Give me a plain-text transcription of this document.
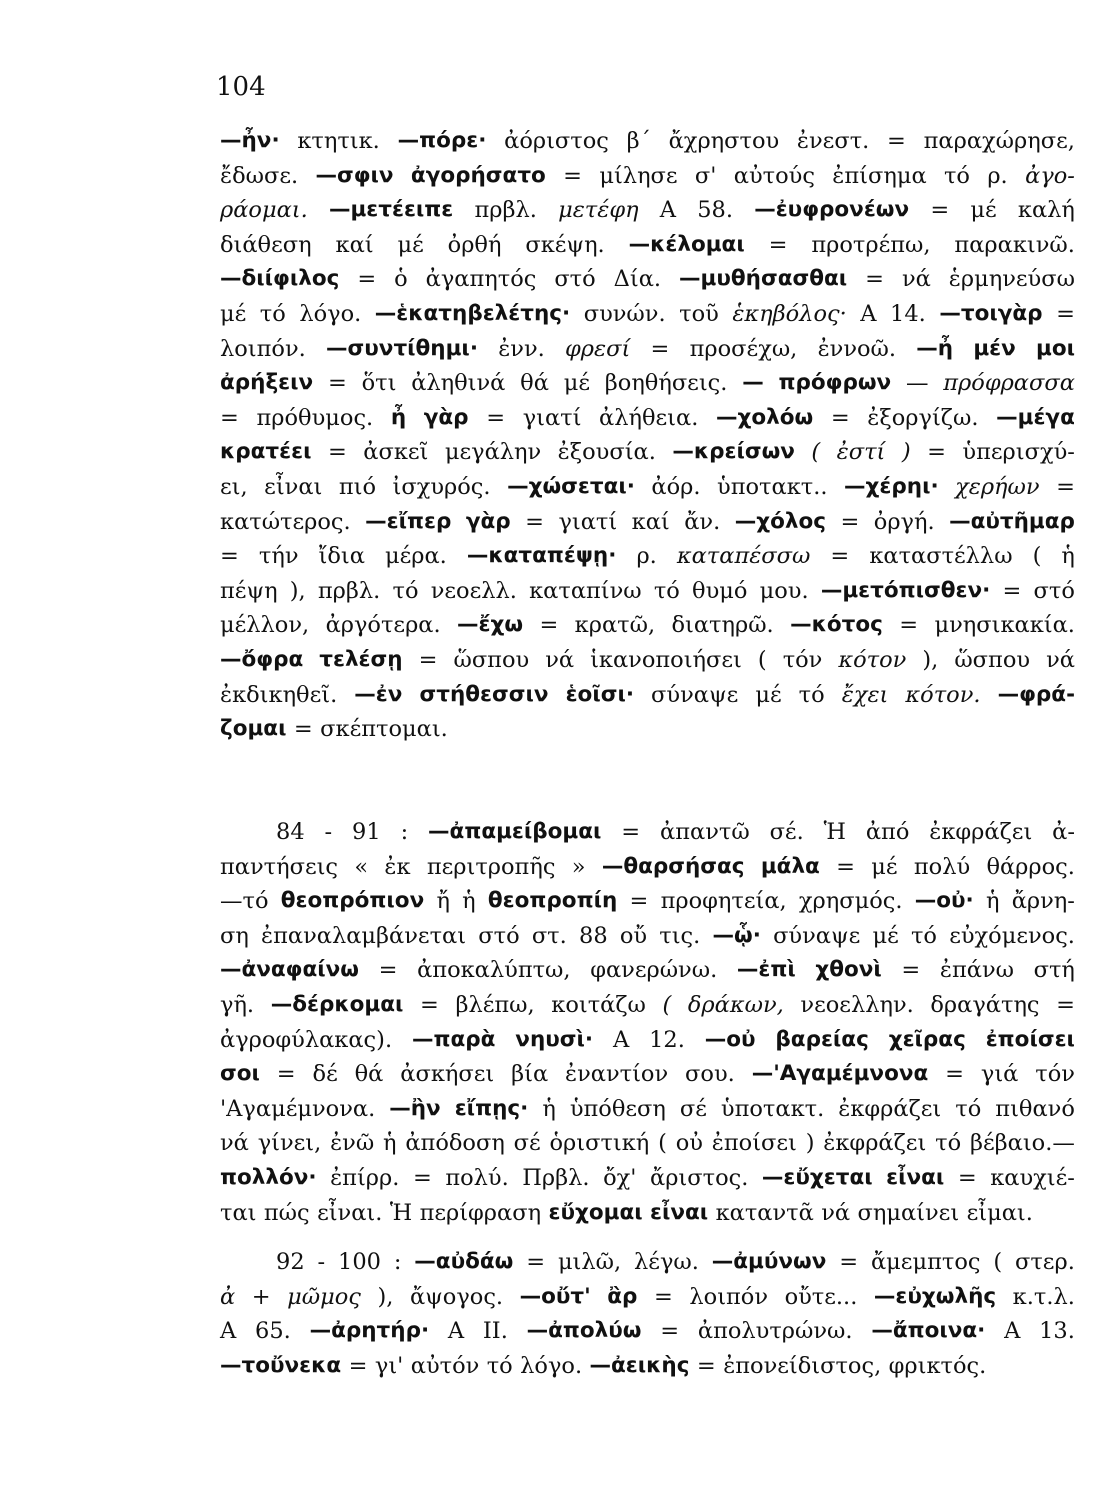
104
—ἦν· κτητικ. —πόρε· ἀόριστος β΄ ἄχρηστου ἐνεστ. = παραχώρησε,
ἔδωσε. —σφιν ἀγορήσατο = μίλησε σ' αὐτούς ἐπίσημα τό ρ. ἀγο-
ράομαι. —μετέειπε πρβλ. μετέφη Α 58. —ἐυφρονέων = μέ καλή
διάθεση καί μέ ὀρθή σκέψη. —κέλομαι = προτρέπω, παρακινῶ.
—διίφιλος = ὁ ἀγαπητός στό Δία. —μυθήσασθαι = νά ἑρμηνεύσω
μέ τό λόγο. —ἑκατηβελέτης· συνών. τοῦ ἑκηβόλος· Α 14. —τοιγὰρ =
λοιπόν. —συντίθημι· ἐνν. φρεσί = προσέχω, ἐννοῶ. —ἦ μέν μοι
ἀρήξειν = ὅτι ἀληθινά θά μέ βοηθήσεις. — πρόφρων — πρόφρασσα
= πρόθυμος. ἦ γὰρ = γιατί ἀλήθεια. —χολόω = ἐξοργίζω. —μέγα
κρατέει = ἀσκεῖ μεγάλην ἐξουσία. —κρείσων ( ἐστί ) = ὑπερισχύ-
ει, εἶναι πιό ἰσχυρός. —χώσεται· ἀόρ. ὑποτακτ.. —χέρηι· χερήων =
κατώτερος. —εἴπερ γὰρ = γιατί καί ἄν. —χόλος = ὀργή. —αὐτῆμαρ
= τήν ἴδια μέρα. —καταπέψῃ· ρ. καταπέσσω = καταστέλλω ( ἡ
πέψη ), πρβλ. τό νεοελλ. καταπίνω τό θυμό μου. —μετόπισθεν· = στό
μέλλον, ἀργότερα. —ἔχω = κρατῶ, διατηρῶ. —κότος = μνησικακία.
—ὄφρα τελέσῃ = ὥσπου νά ἱκανοποιήσει ( τόν κότον ), ὥσπου νά
ἐκδικηθεῖ. —ἐν στήθεσσιν ἑοῖσι· σύναψε μέ τό ἔχει κότον. —φρά-
ζομαι = σκέπτομαι.
84 - 91 : —ἀπαμείβομαι = ἀπαντῶ σέ. Ἡ ἀπό ἐκφράζει ἀ-
παντήσεις « ἐκ περιτροπῆς » —θαρσήσας μάλα = μέ πολύ θάρρος.
—τό θεοπρόπιον ἤ ἡ θεοπροπίη = προφητεία, χρησμός. —οὐ· ἡ ἄρνη-
ση ἐπαναλαμβάνεται στό στ. 88 οὔ τις. —ᾧ· σύναψε μέ τό εὐχόμενος.
—ἀναφαίνω = ἀποκαλύπτω, φανερώνω. —ἐπὶ χθονὶ = ἐπάνω στή
γῆ. —δέρκομαι = βλέπω, κοιτάζω ( δράκων, νεοελλην. δραγάτης =
ἀγροφύλακας). —παρὰ νηυσὶ· Α 12. —οὐ βαρείας χεῖρας ἐποίσει
σοι = δέ θά ἀσκήσει βία ἐναντίον σου. —'Αγαμέμνονα = γιά τόν
'Αγαμέμνονα. —ἢν εἴπῃς· ἡ ὑπόθεση σέ ὑποτακτ. ἐκφράζει τό πιθανό
νά γίνει, ἐνῶ ἡ ἀπόδοση σέ ὁριστική ( οὐ ἐποίσει ) ἐκφράζει τό βέβαιο.—
πολλόν· ἐπίρρ. = πολύ. Πρβλ. ὄχ' ἄριστος. —εὔχεται εἶναι = καυχιέ-
ται πώς εἶναι. Ἡ περίφραση εὔχομαι εἶναι καταντᾶ νά σημαίνει εἶμαι.
92 - 100 : —αὐδάω = μιλῶ, λέγω. —ἀμύνων = ἄμεμπτος ( στερ.
ἀ + μῶμος ), ἄψογος. —οὔτ' ἂρ = λοιπόν οὔτε... —εὐχωλῆς κ.τ.λ.
Α 65. —ἀρητήρ· Α ΙΙ. —ἀπολύω = ἀπολυτρώνω. —ἄποινα· Α 13.
—τοὔνεκα = γι' αὐτόν τό λόγο. —ἀεικὴς = ἐπονείδιστος, φρικτός.
